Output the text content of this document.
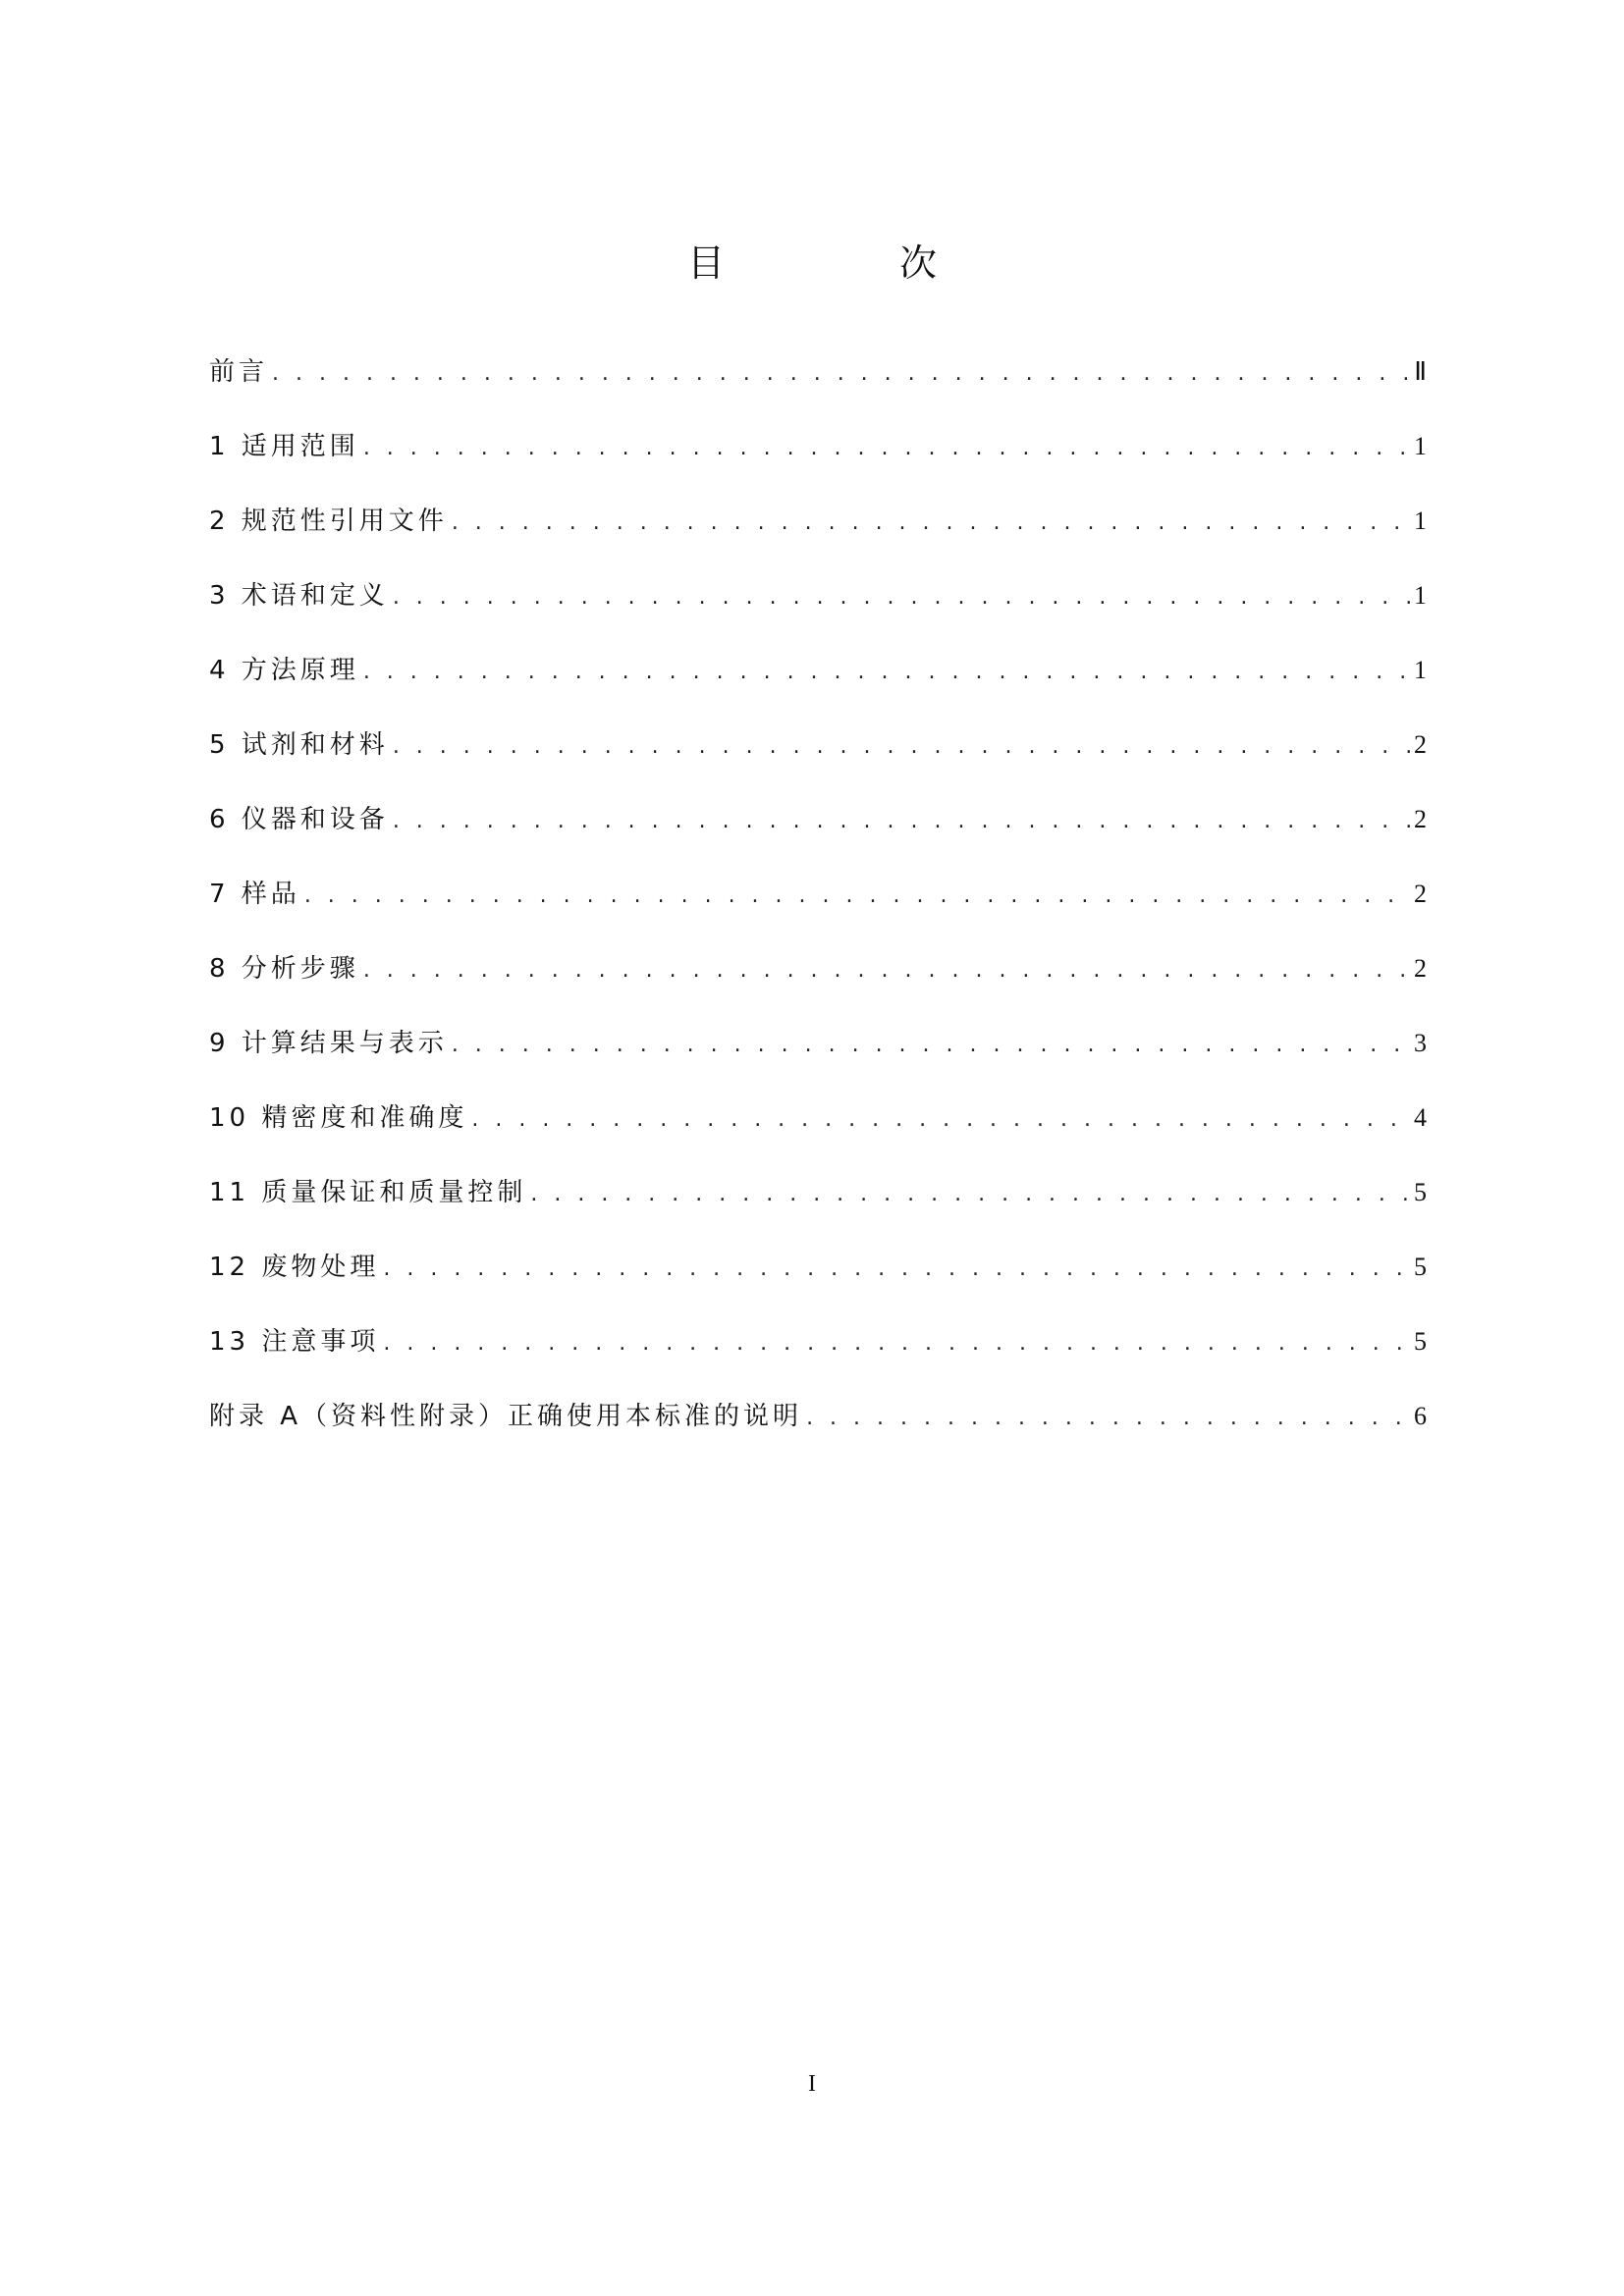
目　次
前言 . . .	Ⅱ
1 适用范围 . . .	1
2 规范性引用文件 . . .	1
3 术语和定义 . . .	1
4 方法原理 . . .	1
5 试剂和材料 . . .	2
6 仪器和设备 . . .	2
7 样品 . . .	2
8 分析步骤 . . .	2
9 计算结果与表示 . . .	3
10 精密度和准确度 . . .	4
11 质量保证和质量控制 . . .	5
12 废物处理 . . .	5
13 注意事项 . . .	5
附录 A（资料性附录）正确使用本标准的说明 . . .	6
I
